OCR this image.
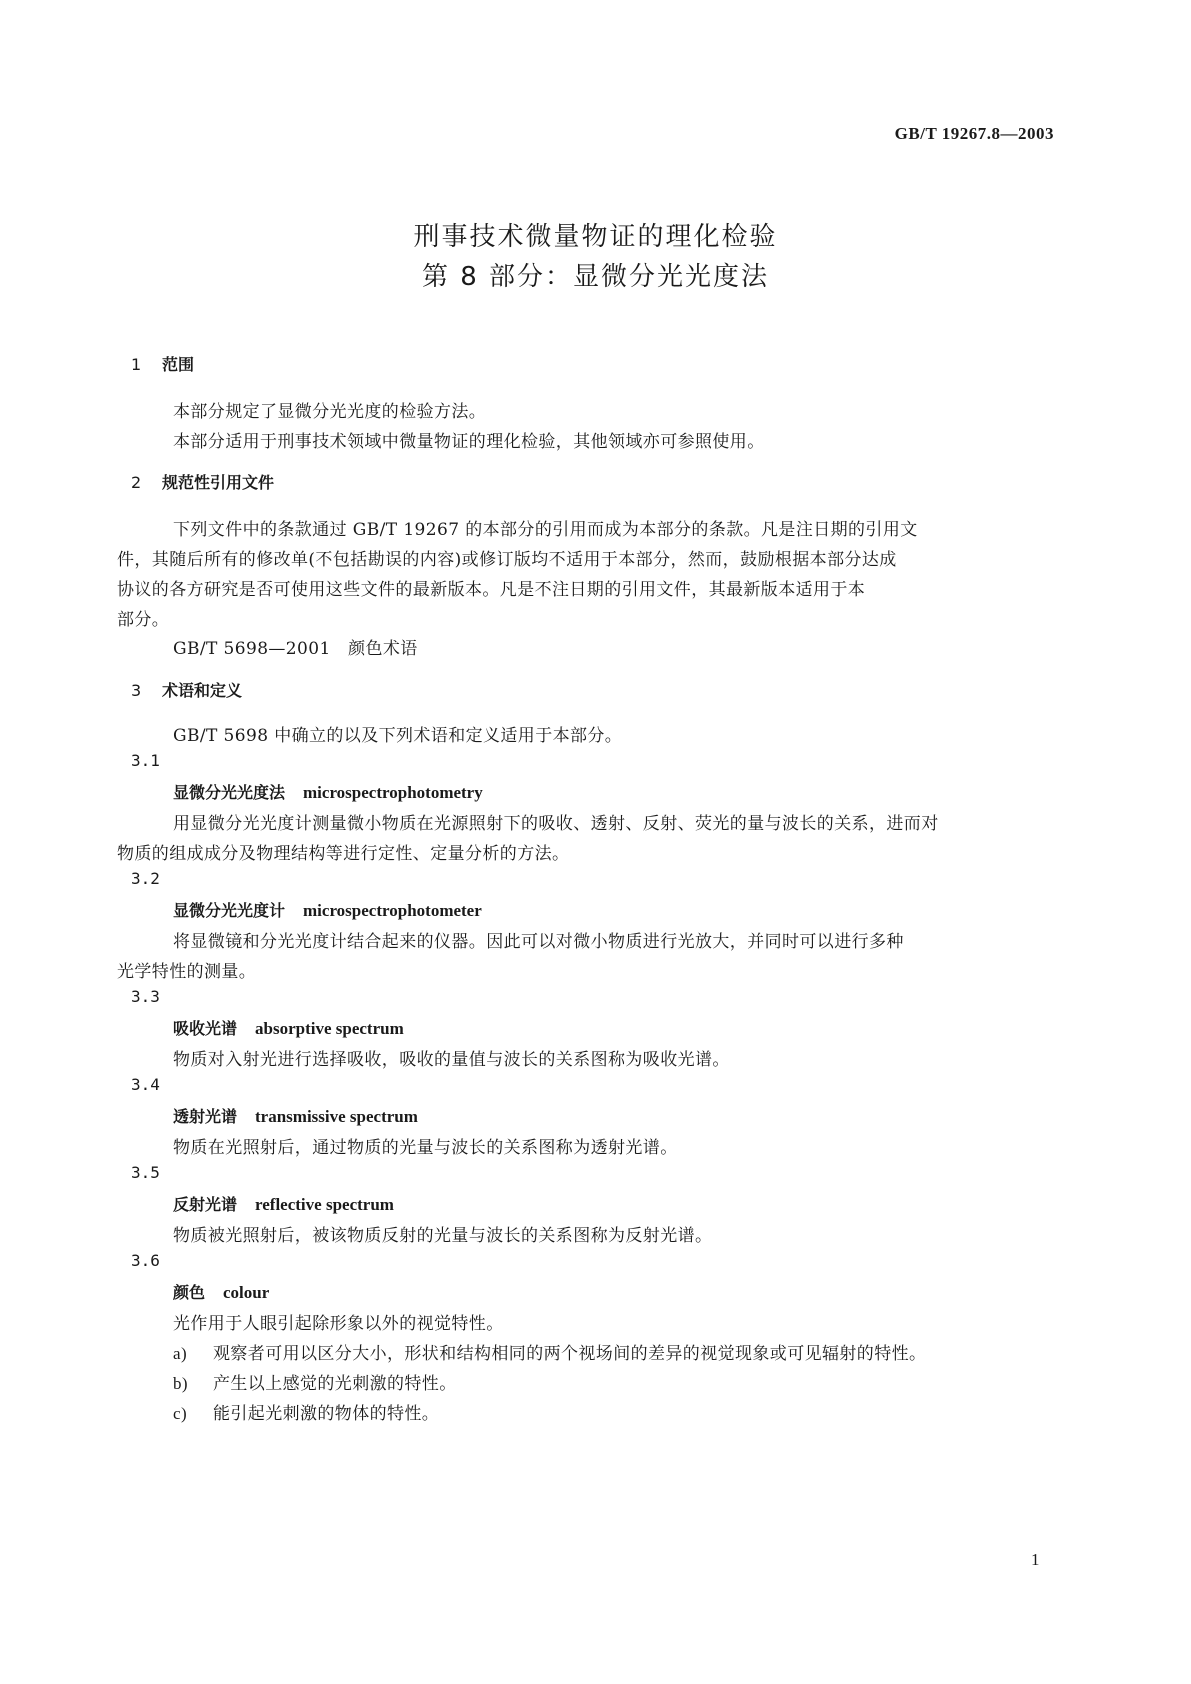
GB/T 19267.8—2003
刑事技术微量物证的理化检验
第 8 部分：显微分光光度法
1 范围
本部分规定了显微分光光度的检验方法。
本部分适用于刑事技术领域中微量物证的理化检验，其他领域亦可参照使用。
2 规范性引用文件
下列文件中的条款通过 GB/T 19267 的本部分的引用而成为本部分的条款。凡是注日期的引用文
件，其随后所有的修改单(不包括勘误的内容)或修订版均不适用于本部分，然而，鼓励根据本部分达成
协议的各方研究是否可使用这些文件的最新版本。凡是不注日期的引用文件，其最新版本适用于本
部分。
GB/T 5698—2001　颜色术语
3 术语和定义
GB/T 5698 中确立的以及下列术语和定义适用于本部分。
3.1
显微分光光度法 microspectrophotometry
用显微分光光度计测量微小物质在光源照射下的吸收、透射、反射、荧光的量与波长的关系，进而对
物质的组成成分及物理结构等进行定性、定量分析的方法。
3.2
显微分光光度计 microspectrophotometer
将显微镜和分光光度计结合起来的仪器。因此可以对微小物质进行光放大，并同时可以进行多种
光学特性的测量。
3.3
吸收光谱 absorptive spectrum
物质对入射光进行选择吸收，吸收的量值与波长的关系图称为吸收光谱。
3.4
透射光谱 transmissive spectrum
物质在光照射后，通过物质的光量与波长的关系图称为透射光谱。
3.5
反射光谱 reflective spectrum
物质被光照射后，被该物质反射的光量与波长的关系图称为反射光谱。
3.6
颜色 colour
光作用于人眼引起除形象以外的视觉特性。
a) 观察者可用以区分大小，形状和结构相同的两个视场间的差异的视觉现象或可见辐射的特性。
b) 产生以上感觉的光刺激的特性。
c) 能引起光刺激的物体的特性。
1
